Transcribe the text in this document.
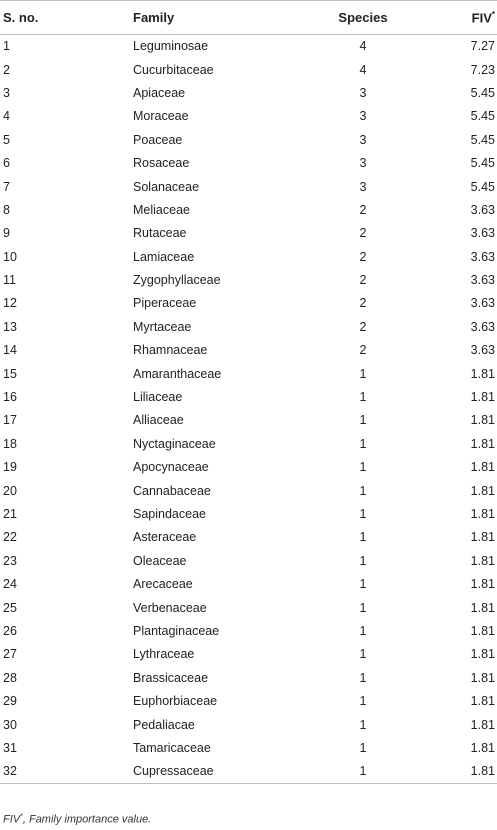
S. no.	Family	Species	FIV*
1	Leguminosae	4	7.27
2	Cucurbitaceae	4	7.23
3	Apiaceae	3	5.45
4	Moraceae	3	5.45
5	Poaceae	3	5.45
6	Rosaceae	3	5.45
7	Solanaceae	3	5.45
8	Meliaceae	2	3.63
9	Rutaceae	2	3.63
10	Lamiaceae	2	3.63
11	Zygophyllaceae	2	3.63
12	Piperaceae	2	3.63
13	Myrtaceae	2	3.63
14	Rhamnaceae	2	3.63
15	Amaranthaceae	1	1.81
16	Liliaceae	1	1.81
17	Alliaceae	1	1.81
18	Nyctaginaceae	1	1.81
19	Apocynaceae	1	1.81
20	Cannabaceae	1	1.81
21	Sapindaceae	1	1.81
22	Asteraceae	1	1.81
23	Oleaceae	1	1.81
24	Arecaceae	1	1.81
25	Verbenaceae	1	1.81
26	Plantaginaceae	1	1.81
27	Lythraceae	1	1.81
28	Brassicaceae	1	1.81
29	Euphorbiaceae	1	1.81
30	Pedaliacae	1	1.81
31	Tamaricaceae	1	1.81
32	Cupressaceae	1	1.81
FIV*, Family importance value.
